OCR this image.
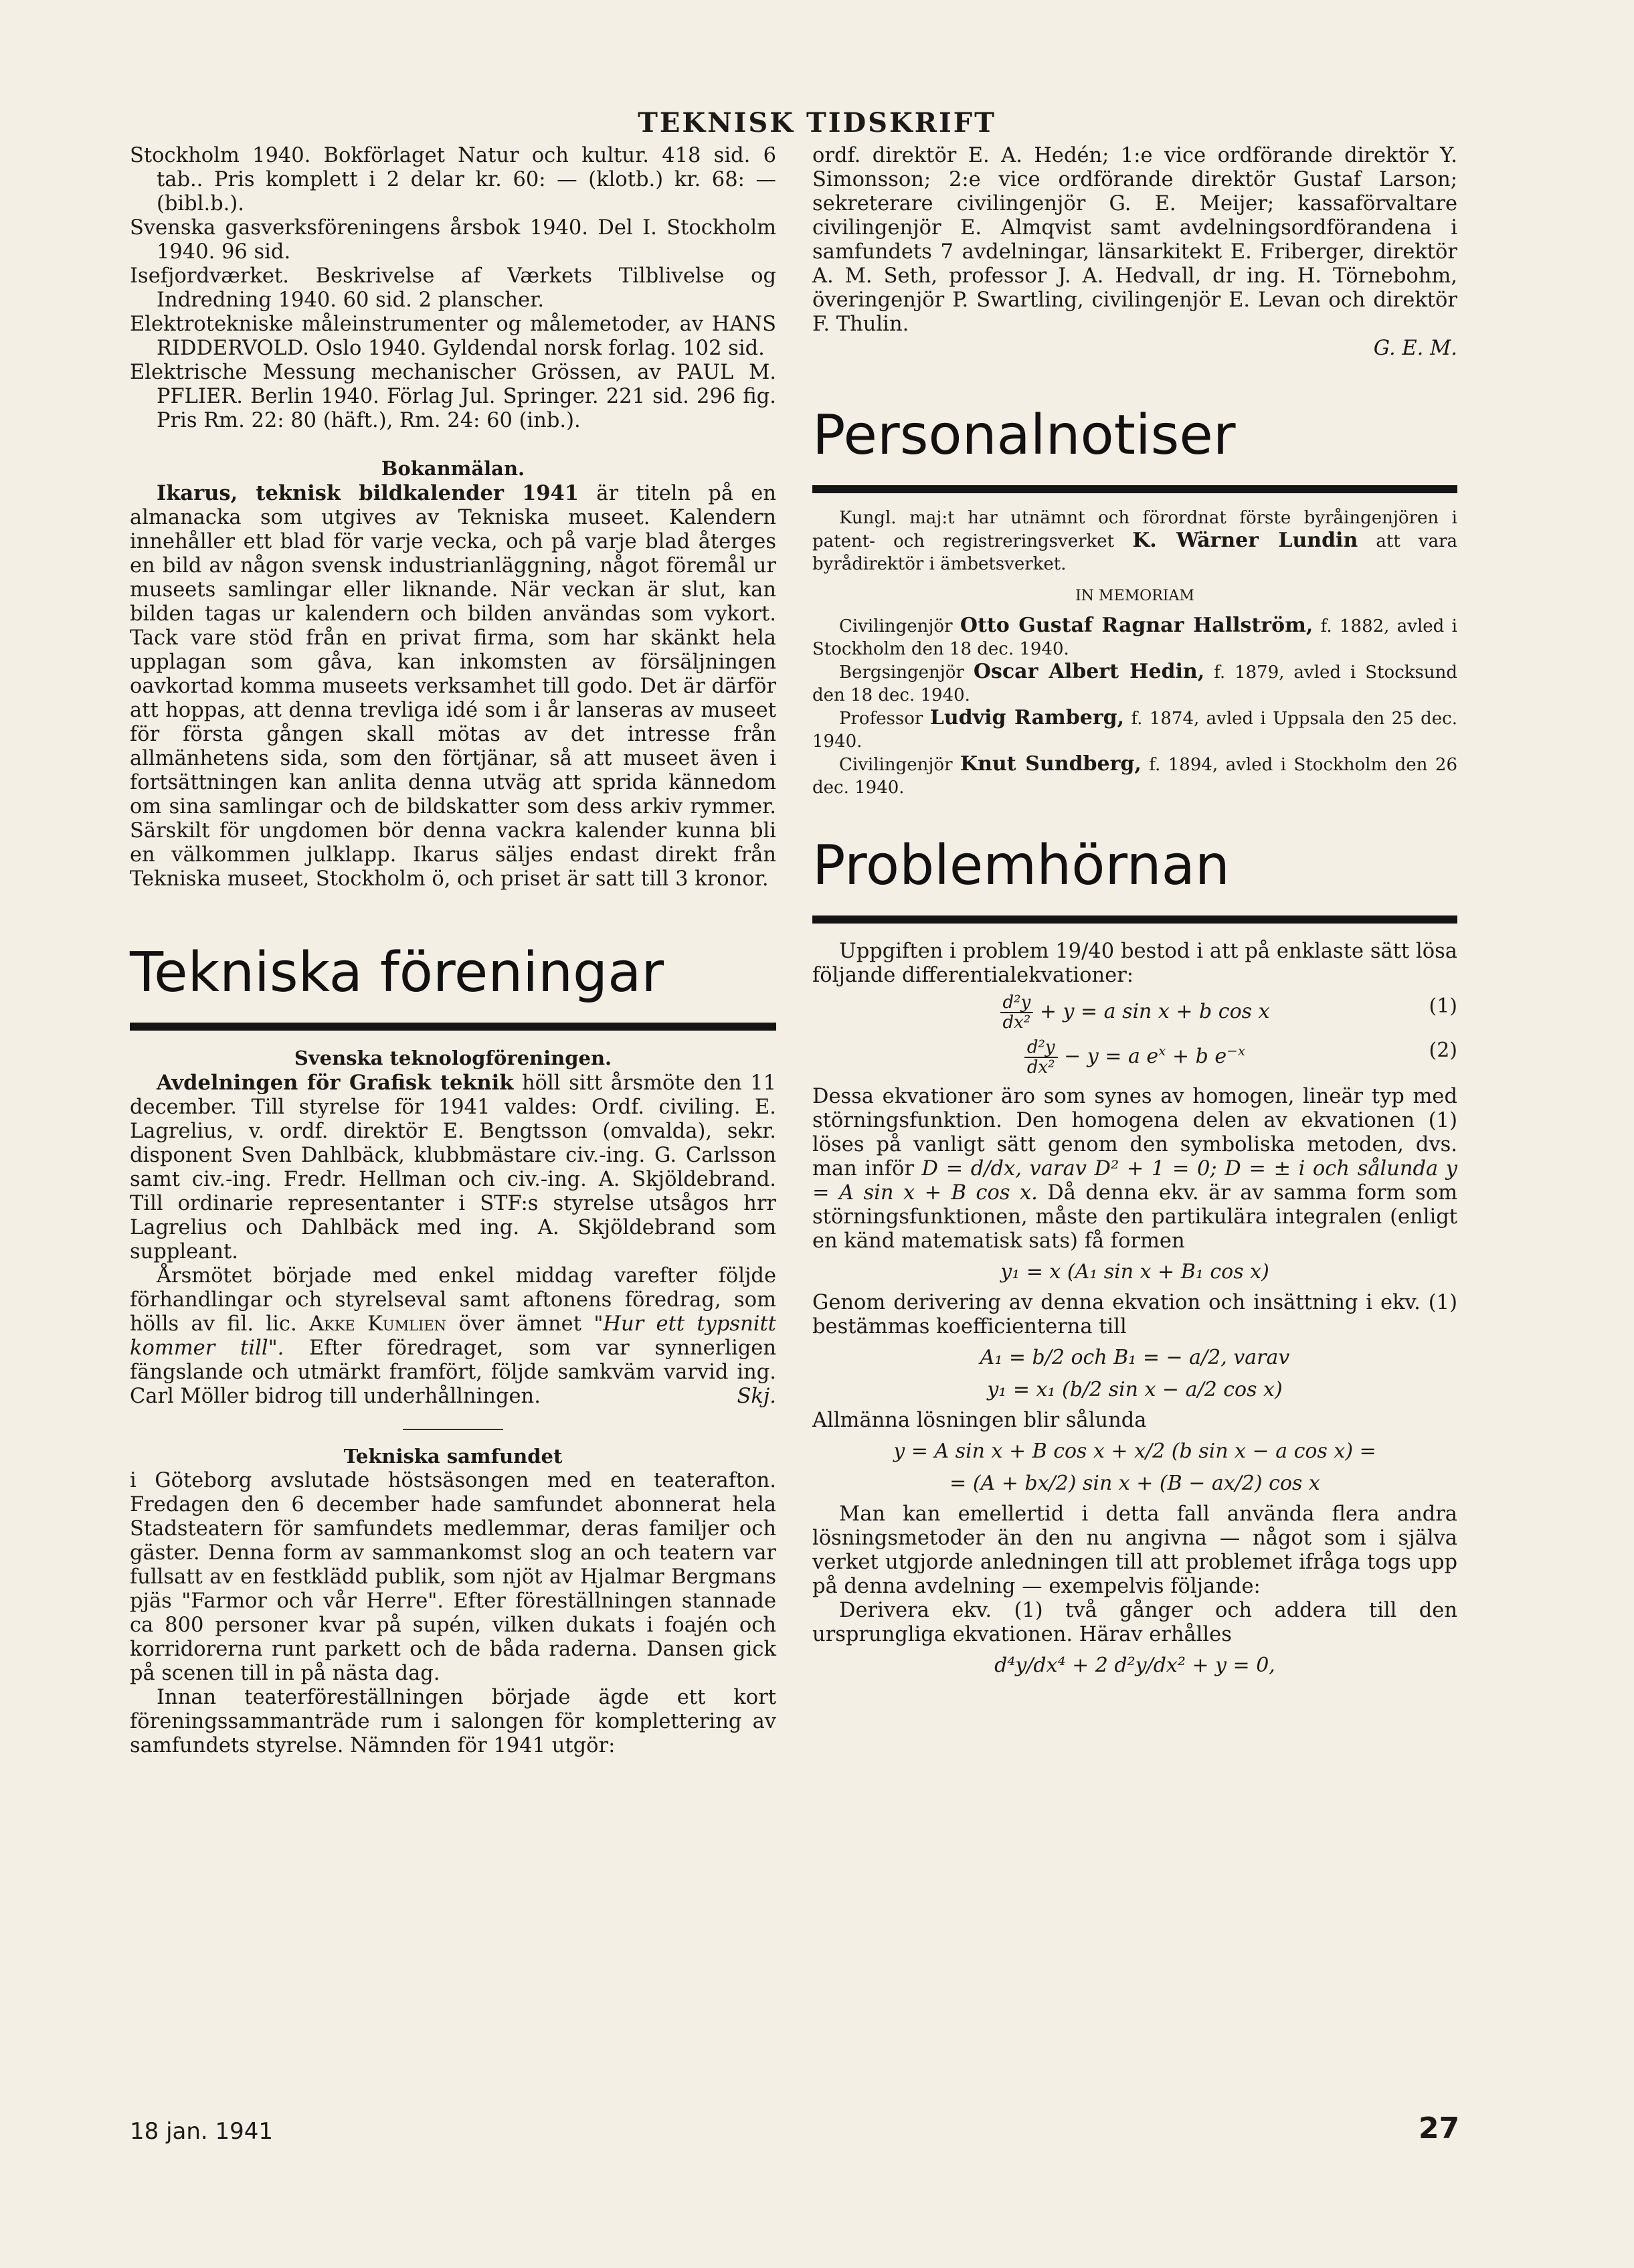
TEKNISK TIDSKRIFT

Stockholm 1940. Bokförlaget Natur och kultur. 418 sid. 6 tab.. Pris komplett i 2 delar kr. 60: — (klotb.) kr. 68: — (bibl.b.).

Svenska gasverksföreningens årsbok 1940. Del I. Stockholm 1940. 96 sid.

Isefjordværket. Beskrivelse af Værkets Tilblivelse og Indredning 1940. 60 sid. 2 planscher.

Elektrotekniske måleinstrumenter og målemetoder, av HANS RIDDERVOLD. Oslo 1940. Gyldendal norsk forlag. 102 sid.

Elektrische Messung mechanischer Grössen, av PAUL M. PFLIER. Berlin 1940. Förlag Jul. Springer. 221 sid. 296 fig. Pris Rm. 22: 80 (häft.), Rm. 24: 60 (inb.).

Bokanmälan.

Ikarus, teknisk bildkalender 1941 är titeln på en almanacka som utgives av Tekniska museet. Kalendern innehåller ett blad för varje vecka, och på varje blad återges en bild av någon svensk industrianläggning, något föremål ur museets samlingar eller liknande. När veckan är slut, kan bilden tagas ur kalendern och bilden användas som vykort. Tack vare stöd från en privat firma, som har skänkt hela upplagan som gåva, kan inkomsten av försäljningen oavkortad komma museets verksamhet till godo. Det är därför att hoppas, att denna trevliga idé som i år lanseras av museet för första gången skall mötas av det intresse från allmänhetens sida, som den förtjänar, så att museet även i fortsättningen kan anlita denna utväg att sprida kännedom om sina samlingar och de bildskatter som dess arkiv rymmer. Särskilt för ungdomen bör denna vackra kalender kunna bli en välkommen julklapp. Ikarus säljes endast direkt från Tekniska museet, Stockholm ö, och priset är satt till 3 kronor.

Tekniska föreningar

Svenska teknologföreningen.

Avdelningen för Grafisk teknik höll sitt årsmöte den 11 december. Till styrelse för 1941 valdes: Ordf. civiling. E. Lagrelius, v. ordf. direktör E. Bengtsson (omvalda), sekr. disponent Sven Dahlbäck, klubbmästare civ.-ing. G. Carlsson samt civ.-ing. Fredr. Hellman och civ.-ing. A. Skjöldebrand. Till ordinarie representanter i STF:s styrelse utsågos hrr Lagrelius och Dahlbäck med ing. A. Skjöldebrand som suppleant.

Årsmötet började med enkel middag varefter följde förhandlingar och styrelseval samt aftonens föredrag, som hölls av fil. lic. Akke Kumlien över ämnet "Hur ett typsnitt kommer till". Efter föredraget, som var synnerligen fängslande och utmärkt framfört, följde samkväm varvid ing. Carl Möller bidrog till underhållningen.	Skj.

Tekniska samfundet

i Göteborg avslutade höstsäsongen med en teaterafton. Fredagen den 6 december hade samfundet abonnerat hela Stadsteatern för samfundets medlemmar, deras familjer och gäster. Denna form av sammankomst slog an och teatern var fullsatt av en festklädd publik, som njöt av Hjalmar Bergmans pjäs "Farmor och vår Herre". Efter föreställningen stannade ca 800 personer kvar på supén, vilken dukats i foajén och korridorerna runt parkett och de båda raderna. Dansen gick på scenen till in på nästa dag.

Innan teaterföreställningen började ägde ett kort föreningssammanträde rum i salongen för komplettering av samfundets styrelse. Nämnden för 1941 utgör:

ordf. direktör E. A. Hedén; 1:e vice ordförande direktör Y. Simonsson; 2:e vice ordförande direktör Gustaf Larson; sekreterare civilingenjör G. E. Meijer; kassaförvaltare civilingenjör E. Almqvist samt avdelningsordförandena i samfundets 7 avdelningar, länsarkitekt E. Friberger, direktör A. M. Seth, professor J. A. Hedvall, dr ing. H. Törnebohm, överingenjör P. Swartling, civilingenjör E. Levan och direktör F. Thulin.

G. E. M.

Personalnotiser

Kungl. maj:t har utnämnt och förordnat förste byråingenjören i patent- och registreringsverket K. Wärner Lundin att vara byrådirektör i ämbetsverket.

IN MEMORIAM

Civilingenjör Otto Gustaf Ragnar Hallström, f. 1882, avled i Stockholm den 18 dec. 1940.

Bergsingenjör Oscar Albert Hedin, f. 1879, avled i Stocksund den 18 dec. 1940.

Professor Ludvig Ramberg, f. 1874, avled i Uppsala den 25 dec. 1940.

Civilingenjör Knut Sundberg, f. 1894, avled i Stockholm den 26 dec. 1940.

Problemhörnan

Uppgiften i problem 19/40 bestod i att på enklaste sätt lösa följande differentialekvationer:

$\frac{\text{d²y}}{\text{dx²}} + y = a$ sin x + b cos x	(1)
$\frac{\text{d²y}}{\text{dx²}} - y = a$ $e^x + b$ $e^{-x}$	(2)

Dessa ekvationer äro som synes av homogen, lineär typ med störningsfunktion. Den homogena delen av ekvationen (1) löses på vanligt sätt genom den symboliska metoden, dvs. man inför D = d/dx, varav D² + 1 = 0; D = ± i och sålunda y = A sin x + B cos x. Då denna ekv. är av samma form som störningsfunktionen, måste den partikulära integralen (enligt en känd matematisk sats) få formen

y₁ = x (A₁ sin x + B₁ cos x)

Genom derivering av denna ekvation och insättning i ekv. (1) bestämmas koefficienterna till

A₁ = b/2 och B₁ = − a/2, varav
y₁ = x₁ (b/2 sin x − a/2 cos x)

Allmänna lösningen blir sålunda

y = A sin x + B cos x + x/2 (b sin x − a cos x) =
= (A + bx/2) sin x + (B − ax/2) cos x

Man kan emellertid i detta fall använda flera andra lösningsmetoder än den nu angivna — något som i själva verket utgjorde anledningen till att problemet ifråga togs upp på denna avdelning — exempelvis följande:

Derivera ekv. (1) två gånger och addera till den ursprungliga ekvationen. Härav erhålles

d⁴y/dx⁴ + 2 d²y/dx² + y = 0,
18 jan. 1941	27
